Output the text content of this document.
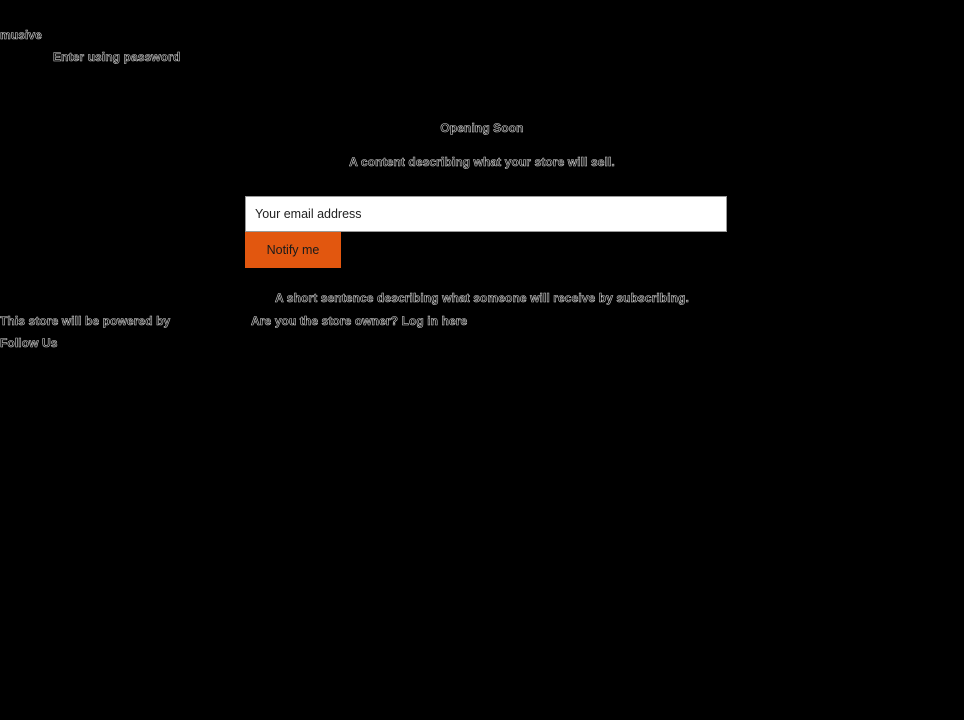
musive
Enter using password
Opening Soon
A content describing what your store will sell.
Your email address
Notify me
A short sentence describing what someone will receive by subscribing.
This store will be powered by	Are you the store owner? Log in here
Follow Us
